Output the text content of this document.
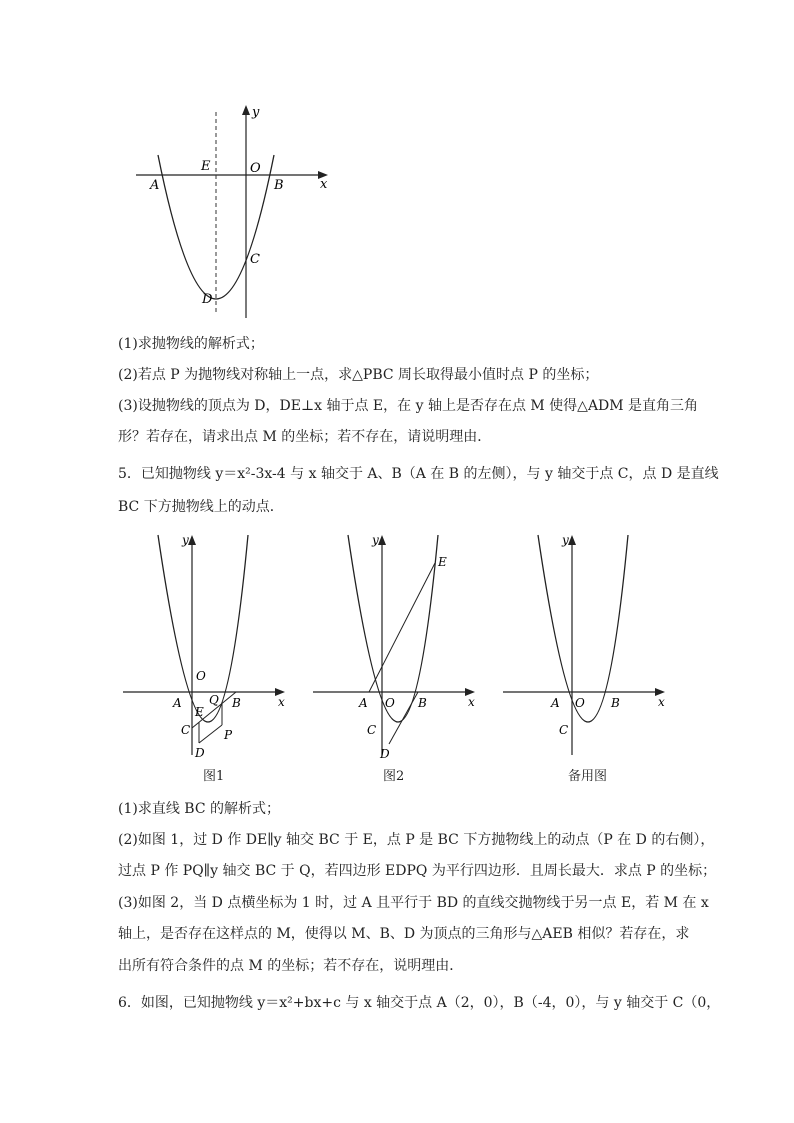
y
x
E	O
A	B
C
D
(1)求抛物线的解析式；
(2)若点 P 为抛物线对称轴上一点，求△PBC 周长取得最小值时点 P 的坐标；
(3)设抛物线的顶点为 D，DE⊥x 轴于点 E，在 y 轴上是否存在点 M 使得△ADM 是直角三角
形？若存在，请求出点 M 的坐标；若不存在，请说明理由．
5．已知抛物线 y＝x²-3x-4 与 x 轴交于 A、B（A 在 B 的左侧），与 y 轴交于点 C，点 D 是直线
BC 下方抛物线上的动点．
y
x
O
A Q B
E
C	P
D
图1
y
x
E
A O B
C
D
图2
y
x
A O B
C
备用图
(1)求直线 BC 的解析式；
(2)如图 1，过 D 作 DE∥y 轴交 BC 于 E，点 P 是 BC 下方抛物线上的动点（P 在 D 的右侧），
过点 P 作 PQ∥y 轴交 BC 于 Q，若四边形 EDPQ 为平行四边形．且周长最大．求点 P 的坐标；
(3)如图 2，当 D 点横坐标为 1 时，过 A 且平行于 BD 的直线交抛物线于另一点 E，若 M 在 x
轴上，是否存在这样点的 M，使得以 M、B、D 为顶点的三角形与△AEB 相似？若存在，求
出所有符合条件的点 M 的坐标；若不存在，说明理由．
6．如图，已知抛物线 y＝x²+bx+c 与 x 轴交于点 A（2，0），B（-4，0），与 y 轴交于 C（0，
